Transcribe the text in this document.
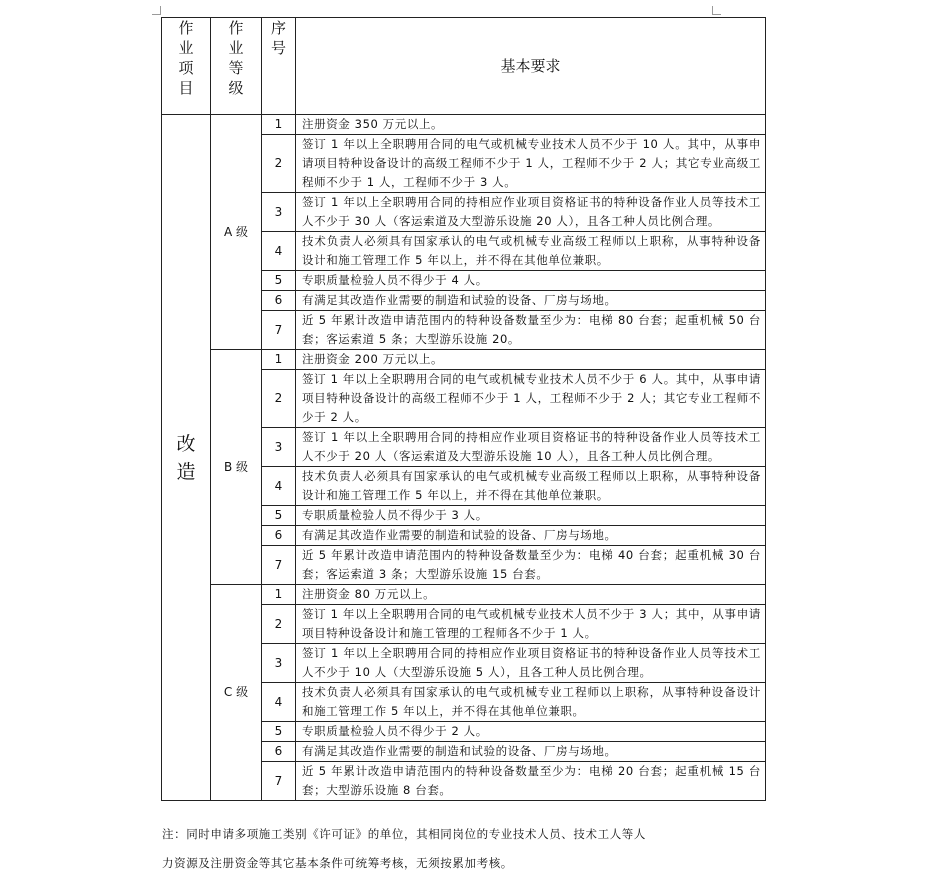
作
业
项
目	作
业
等
级	序
号	基本要求

改
造	A 级	1	注册资金 350 万元以上。
		2	签订 1 年以上全职聘用合同的电气或机械专业技术人员不少于 10 人。其中，从事申请项目特种设备设计的高级工程师不少于 1 人，工程师不少于 2 人；其它专业高级工程师不少于 1 人，工程师不少于 3 人。
		3	签订 1 年以上全职聘用合同的持相应作业项目资格证书的特种设备作业人员等技术工人不少于 30 人（客运索道及大型游乐设施 20 人），且各工种人员比例合理。
		4	技术负责人必须具有国家承认的电气或机械专业高级工程师以上职称，从事特种设备设计和施工管理工作 5 年以上，并不得在其他单位兼职。
		5	专职质量检验人员不得少于 4 人。
		6	有满足其改造作业需要的制造和试验的设备、厂房与场地。
		7	近 5 年累计改造申请范围内的特种设备数量至少为：电梯 80 台套；起重机械 50 台套；客运索道 5 条；大型游乐设施 20。
	B 级	1	注册资金 200 万元以上。
		2	签订 1 年以上全职聘用合同的电气或机械专业技术人员不少于 6 人。其中，从事申请项目特种设备设计的高级工程师不少于 1 人，工程师不少于 2 人；其它专业工程师不少于 2 人。
		3	签订 1 年以上全职聘用合同的持相应作业项目资格证书的特种设备作业人员等技术工人不少于 20 人（客运索道及大型游乐设施 10 人），且各工种人员比例合理。
		4	技术负责人必须具有国家承认的电气或机械专业高级工程师以上职称，从事特种设备设计和施工管理工作 5 年以上，并不得在其他单位兼职。
		5	专职质量检验人员不得少于 3 人。
		6	有满足其改造作业需要的制造和试验的设备、厂房与场地。
		7	近 5 年累计改造申请范围内的特种设备数量至少为：电梯 40 台套；起重机械 30 台套；客运索道 3 条；大型游乐设施 15 台套。
	C 级	1	注册资金 80 万元以上。
		2	签订 1 年以上全职聘用合同的电气或机械专业技术人员不少于 3 人；其中，从事申请项目特种设备设计和施工管理的工程师各不少于 1 人。
		3	签订 1 年以上全职聘用合同的持相应作业项目资格证书的特种设备作业人员等技术工人不少于 10 人（大型游乐设施 5 人），且各工种人员比例合理。
		4	技术负责人必须具有国家承认的电气或机械专业工程师以上职称，从事特种设备设计和施工管理工作 5 年以上，并不得在其他单位兼职。
		5	专职质量检验人员不得少于 2 人。
		6	有满足其改造作业需要的制造和试验的设备、厂房与场地。
		7	近 5 年累计改造申请范围内的特种设备数量至少为：电梯 20 台套；起重机械 15 台套；大型游乐设施 8 台套。
注：同时申请多项施工类别《许可证》的单位，其相同岗位的专业技术人员、技术工人等人
力资源及注册资金等其它基本条件可统筹考核，无须按累加考核。
